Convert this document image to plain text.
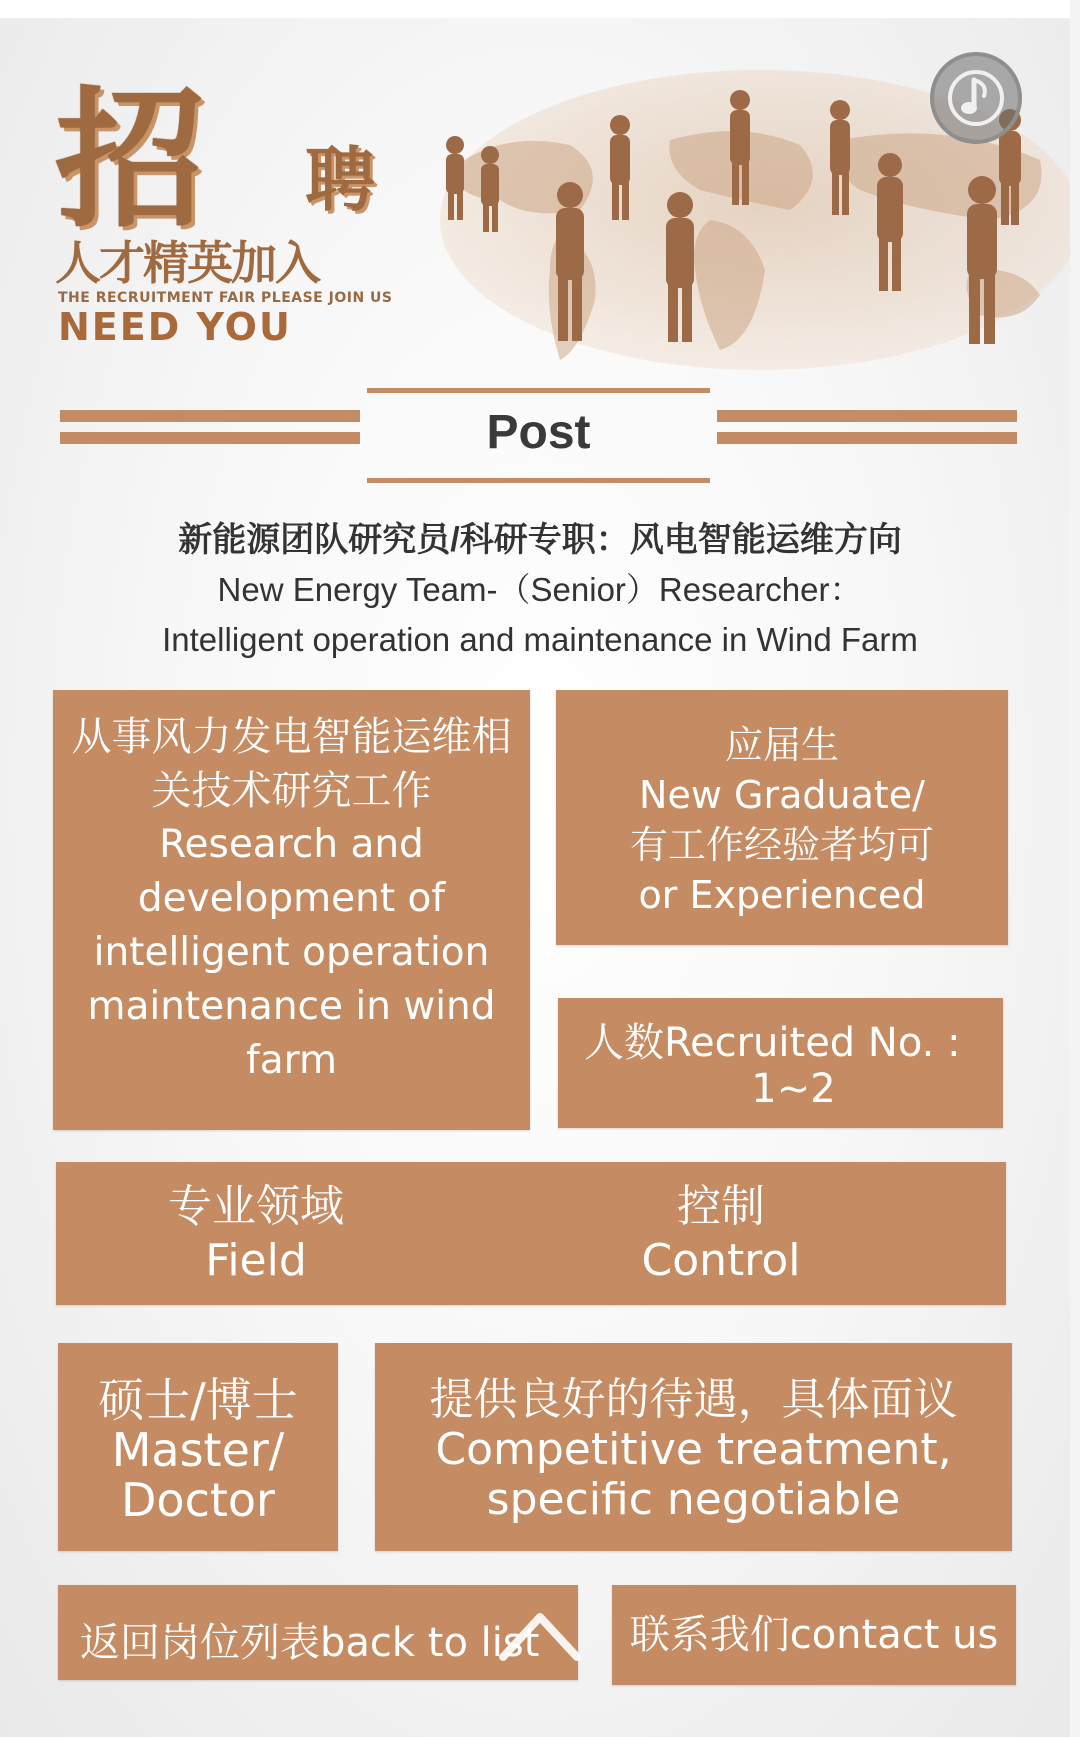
招 聘
人才精英加入
THE RECRUITMENT FAIR PLEASE JOIN US
NEED YOU
Post
新能源团队研究员/科研专职：风电智能运维方向
New Energy Team-（Senior）Researcher：
Intelligent operation and maintenance in Wind Farm
从事风力发电智能运维相关技术研究工作
Research and development of intelligent operation maintenance in wind farm
应届生
New Graduate/
有工作经验者均可
or Experienced
人数Recruited No. :
1~2
专业领域
Field
控制
Control
硕士/博士
Master/
Doctor
提供良好的待遇，具体面议
Competitive treatment,
specific negotiable
返回岗位列表back to list	联系我们contact us
